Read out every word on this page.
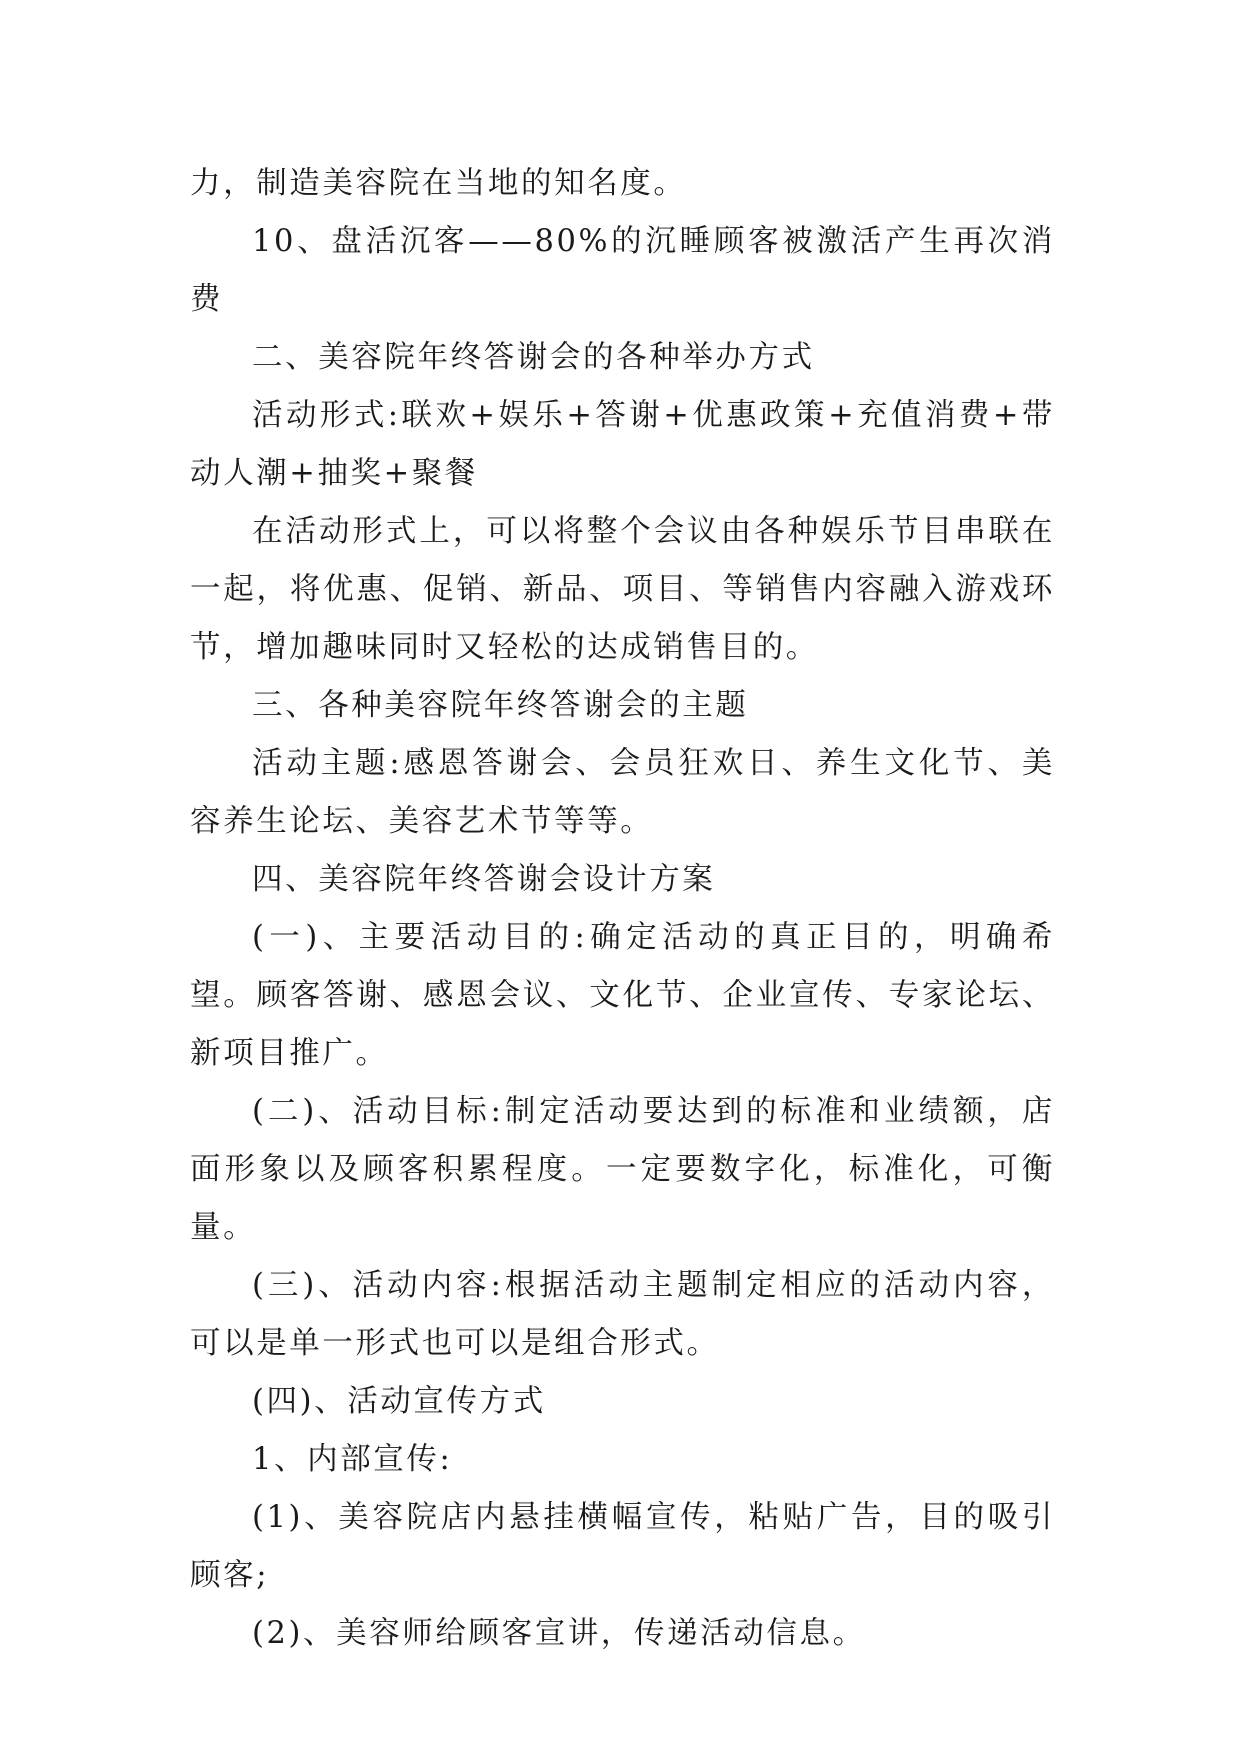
力，制造美容院在当地的知名度。

10、盘活沉客——80%的沉睡顾客被激活产生再次消费

二、美容院年终答谢会的各种举办方式

活动形式:联欢+娱乐+答谢+优惠政策+充值消费+带动人潮+抽奖+聚餐

在活动形式上，可以将整个会议由各种娱乐节目串联在一起，将优惠、促销、新品、项目、等销售内容融入游戏环节，增加趣味同时又轻松的达成销售目的。

三、各种美容院年终答谢会的主题

活动主题:感恩答谢会、会员狂欢日、养生文化节、美容养生论坛、美容艺术节等等。

四、美容院年终答谢会设计方案

(一)、主要活动目的:确定活动的真正目的，明确希望。顾客答谢、感恩会议、文化节、企业宣传、专家论坛、新项目推广。

(二)、活动目标:制定活动要达到的标准和业绩额，店面形象以及顾客积累程度。一定要数字化，标准化，可衡量。

(三)、活动内容:根据活动主题制定相应的活动内容，可以是单一形式也可以是组合形式。

(四)、活动宣传方式

1、内部宣传:

(1)、美容院店内悬挂横幅宣传，粘贴广告，目的吸引顾客;

(2)、美容师给顾客宣讲，传递活动信息。
